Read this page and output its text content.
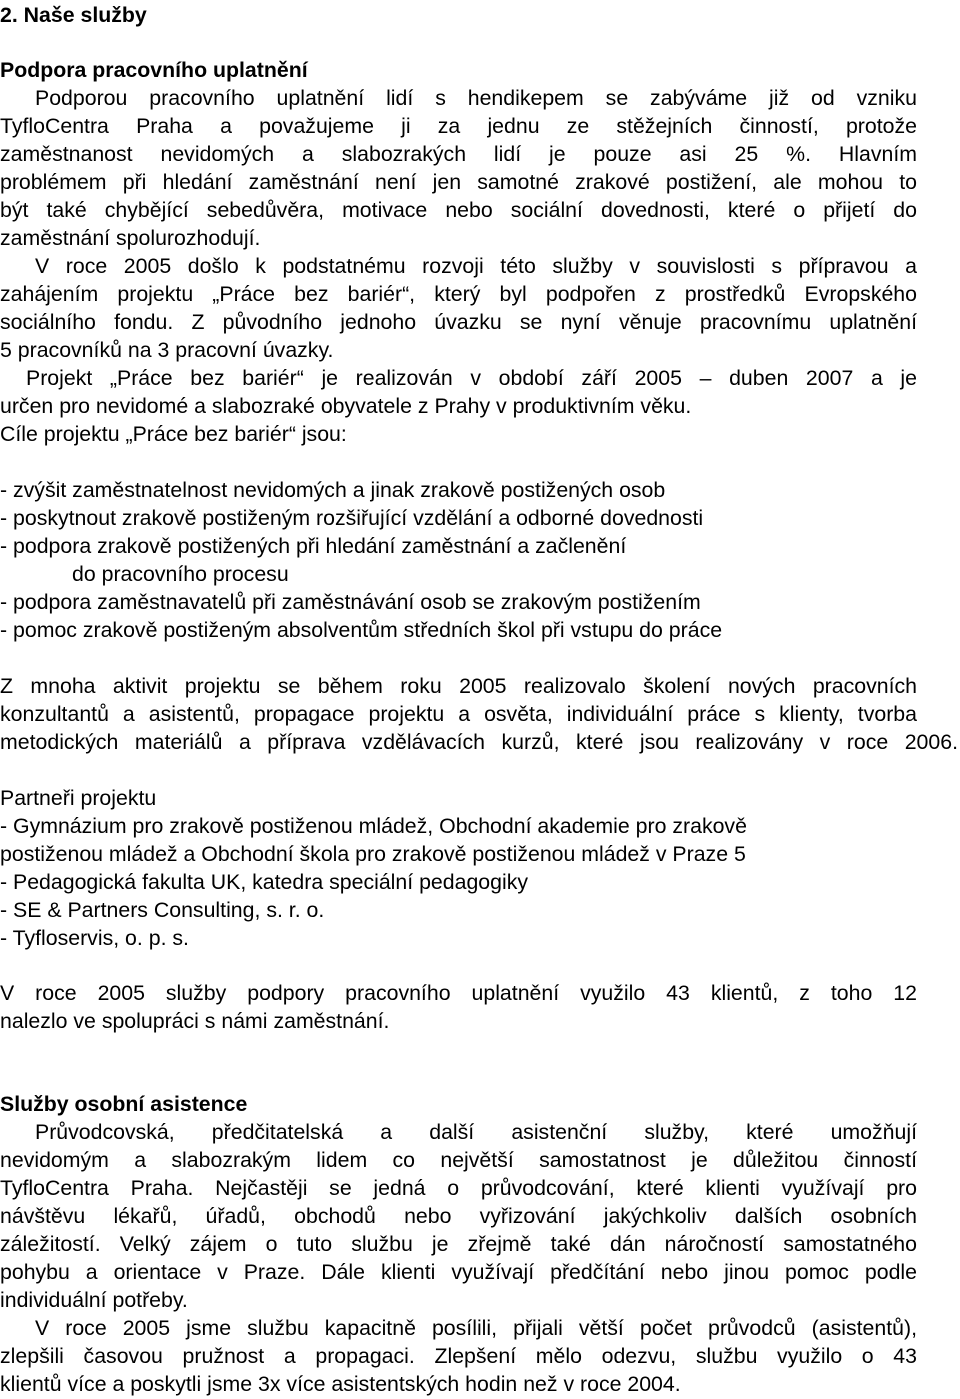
2. Naše služby
Podpora pracovního uplatnění
Podporou pracovního uplatnění lidí s hendikepem se zabýváme již od vzniku
TyfloCentra Praha a považujeme ji za jednu ze stěžejních činností, protože
zaměstnanost nevidomých a slabozrakých lidí je pouze asi 25 %. Hlavním
problémem při hledání zaměstnání není jen samotné zrakové postižení, ale mohou to
být také chybějící sebedůvěra, motivace nebo sociální dovednosti, které o přijetí do
zaměstnání spolurozhodují.
V roce 2005 došlo k podstatnému rozvoji této služby v souvislosti s přípravou a
zahájením projektu „Práce bez bariér“, který byl podpořen z prostředků Evropského
sociálního fondu. Z původního jednoho úvazku se nyní věnuje pracovnímu uplatnění
5 pracovníků na 3 pracovní úvazky.
Projekt „Práce bez bariér“ je realizován v období září 2005 – duben 2007 a je
určen pro nevidomé a slabozraké obyvatele z Prahy v produktivním věku.
Cíle projektu „Práce bez bariér“ jsou:
- zvýšit zaměstnatelnost nevidomých a jinak zrakově postižených osob
- poskytnout zrakově postiženým rozšiřující vzdělání a odborné dovednosti
- podpora zrakově postižených při hledání zaměstnání a začlenění
do pracovního procesu
- podpora zaměstnavatelů při zaměstnávání osob se zrakovým postižením
- pomoc zrakově postiženým absolventům středních škol při vstupu do práce
Z mnoha aktivit projektu se během roku 2005 realizovalo školení nových pracovních
konzultantů a asistentů, propagace projektu a osvěta, individuální práce s klienty, tvorba
metodických materiálů a příprava vzdělávacích kurzů, které jsou realizovány v roce 2006.
Partneři projektu
- Gymnázium pro zrakově postiženou mládež, Obchodní akademie pro zrakově
postiženou mládež a Obchodní škola pro zrakově postiženou mládež v Praze 5
- Pedagogická fakulta UK, katedra speciální pedagogiky
- SE & Partners Consulting, s. r. o.
- Tyfloservis, o. p. s.
V roce 2005 služby podpory pracovního uplatnění využilo 43 klientů, z toho 12
nalezlo ve spolupráci s námi zaměstnání.
Služby osobní asistence
Průvodcovská, předčitatelská a další asistenční služby, které umožňují
nevidomým a slabozrakým lidem co největší samostatnost je důležitou činností
TyfloCentra Praha. Nejčastěji se jedná o průvodcování, které klienti využívají pro
návštěvu lékařů, úřadů, obchodů nebo vyřizování jakýchkoliv dalších osobních
záležitostí. Velký zájem o tuto službu je zřejmě také dán náročností samostatného
pohybu a orientace v Praze. Dále klienti využívají předčítání nebo jinou pomoc podle
individuální potřeby.
V roce 2005 jsme službu kapacitně posílili, přijali větší počet průvodců (asistentů),
zlepšili časovou pružnost a propagaci. Zlepšení mělo odezvu, službu využilo o 43
klientů více a poskytli jsme 3x více asistentských hodin než v roce 2004.
